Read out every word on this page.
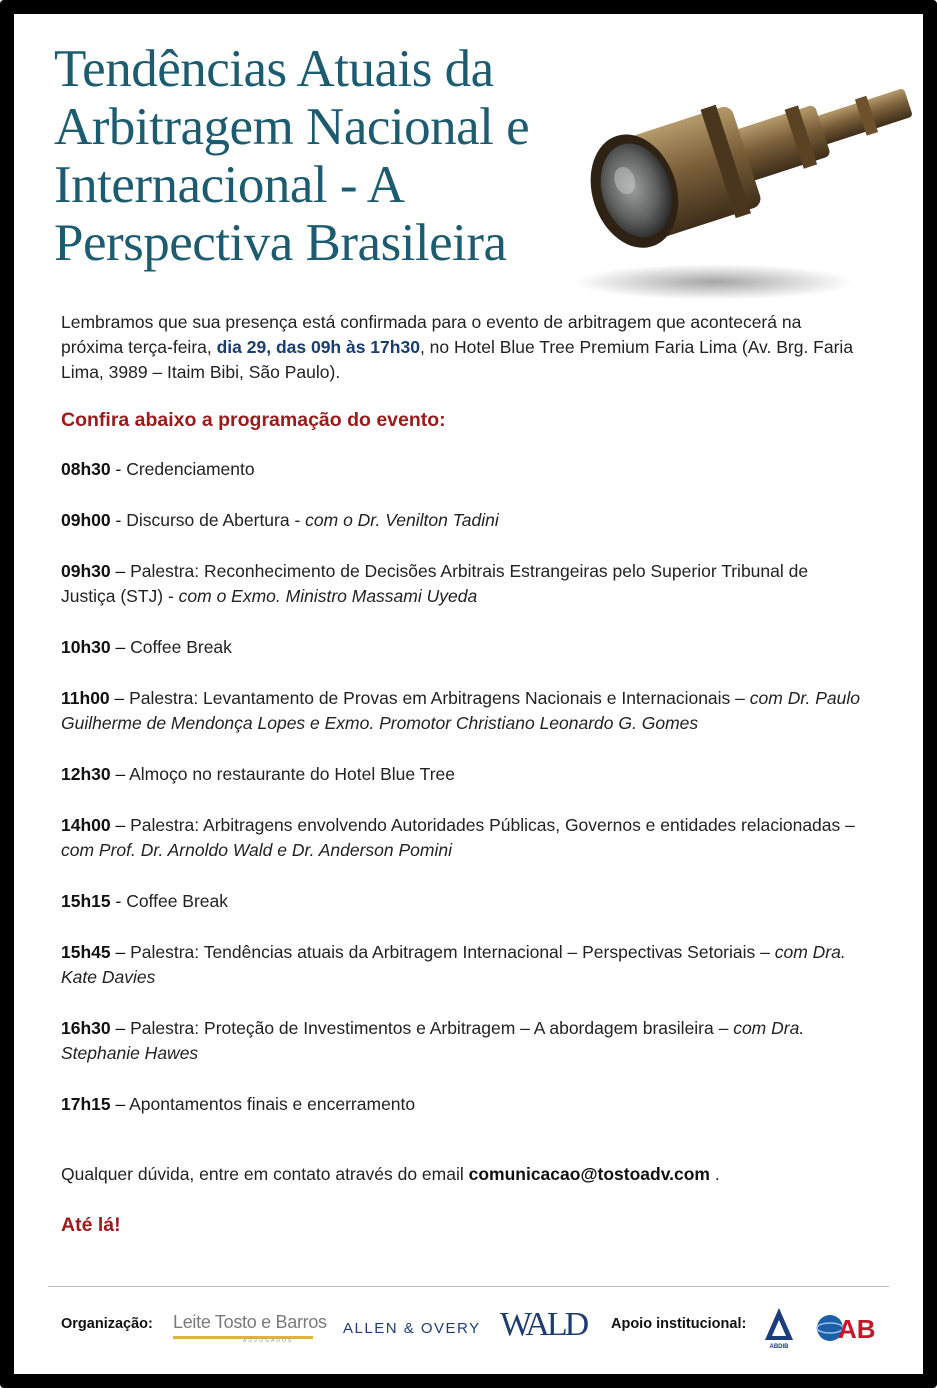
Tendências Atuais da Arbitragem Nacional e Internacional - A Perspectiva Brasileira

Lembramos que sua presença está confirmada para o evento de arbitragem que acontecerá na próxima terça-feira, dia 29, das 09h às 17h30, no Hotel Blue Tree Premium Faria Lima (Av. Brg. Faria Lima, 3989 – Itaim Bibi, São Paulo).

Confira abaixo a programação do evento:

08h30 - Credenciamento
09h00 - Discurso de Abertura - com o Dr. Venilton Tadini
09h30 – Palestra: Reconhecimento de Decisões Arbitrais Estrangeiras pelo Superior Tribunal de Justiça (STJ) - com o Exmo. Ministro Massami Uyeda
10h30 – Coffee Break
11h00 – Palestra: Levantamento de Provas em Arbitragens Nacionais e Internacionais – com Dr. Paulo Guilherme de Mendonça Lopes e Exmo. Promotor Christiano Leonardo G. Gomes
12h30 – Almoço no restaurante do Hotel Blue Tree
14h00 – Palestra: Arbitragens envolvendo Autoridades Públicas, Governos e entidades relacionadas – com Prof. Dr. Arnoldo Wald e Dr. Anderson Pomini
15h15 - Coffee Break
15h45 – Palestra: Tendências atuais da Arbitragem Internacional – Perspectivas Setoriais – com Dra. Kate Davies
16h30 – Palestra: Proteção de Investimentos e Arbitragem – A abordagem brasileira – com Dra. Stephanie Hawes
17h15 – Apontamentos finais e encerramento

Qualquer dúvida, entre em contato através do email comunicacao@tostoadv.com .

Até lá!

Organização: Leite Tosto e Barros
ADVOGADOS
ALLEN & OVERY WALD Apoio institucional:
ABDIB
AB
